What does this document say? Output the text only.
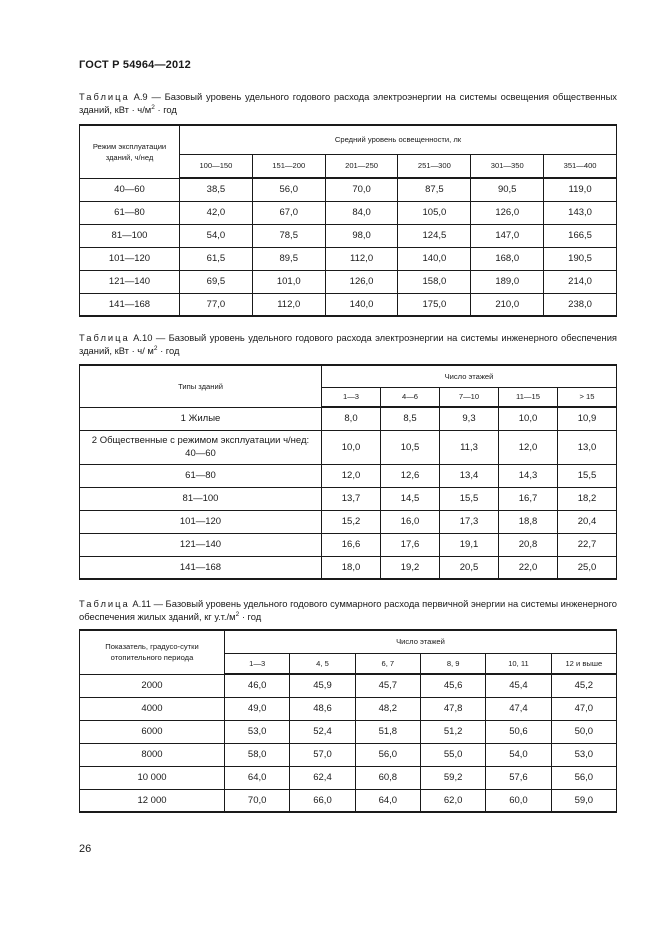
ГОСТ Р 54964—2012
Таблица А.9 — Базовый уровень удельного годового расхода электроэнергии на системы освещения общественных зданий, кВт · $ч/м^2$ · год
Режим эксплуатации зданий, ч/нед	Средний уровень освещенности, лк					
	100—150	151—200	201—250	251—300	301—350	351—400
40—60	38,5	56,0	70,0	87,5	90,5	119,0
61—80	42,0	67,0	84,0	105,0	126,0	143,0
81—100	54,0	78,5	98,0	124,5	147,0	166,5
101—120	61,5	89,5	112,0	140,0	168,0	190,5
121—140	69,5	101,0	126,0	158,0	189,0	214,0
141—168	77,0	112,0	140,0	175,0	210,0	238,0
Таблица А.10 — Базовый уровень удельного годового расхода электроэнергии на системы инженерного обеспечения зданий, кВт · ч/ $м^2$ · год
Типы зданий	Число этажей				
	1—3	4—6	7—10	11—15	> 15
1 Жилые	8,0	8,5	9,3	10,0	10,9
2 Общественные с режимом эксплуатации ч/нед:
40—60	10,0	10,5	11,3	12,0	13,0
61—80	12,0	12,6	13,4	14,3	15,5
81—100	13,7	14,5	15,5	16,7	18,2
101—120	15,2	16,0	17,3	18,8	20,4
121—140	16,6	17,6	19,1	20,8	22,7
141—168	18,0	19,2	20,5	22,0	25,0
Таблица А.11 — Базовый уровень удельного годового суммарного расхода первичной энергии на системы инженерного обеспечения жилых зданий, кг $у.т./м^2$ · год
Показатель, градусо-сутки отопительного периода	Число этажей					
	1—3	4, 5	6, 7	8, 9	10, 11	12 и выше
2000	46,0	45,9	45,7	45,6	45,4	45,2
4000	49,0	48,6	48,2	47,8	47,4	47,0
6000	53,0	52,4	51,8	51,2	50,6	50,0
8000	58,0	57,0	56,0	55,0	54,0	53,0
10 000	64,0	62,4	60,8	59,2	57,6	56,0
12 000	70,0	66,0	64,0	62,0	60,0	59,0
26
